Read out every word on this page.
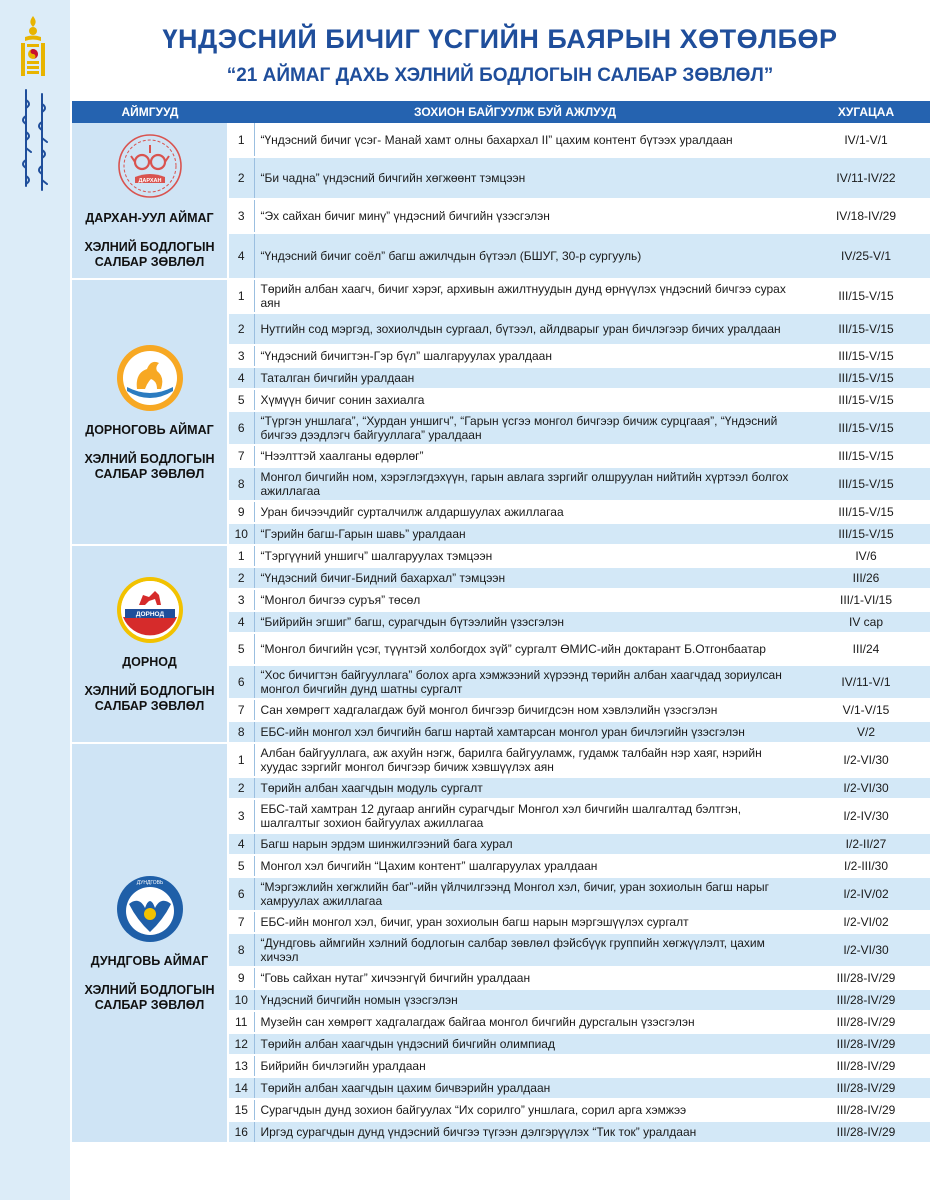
ҮНДЭСНИЙ БИЧИГ ҮСГИЙН БАЯРЫН ХӨТӨЛБӨР
“21 АЙМАГ ДАХЬ ХЭЛНИЙ БОДЛОГЫН САЛБАР ЗӨВЛӨЛ”
АЙМГУУД	ЗОХИОН БАЙГУУЛЖ БУЙ АЖЛУУД		ХУГАЦАА

ДАРХАН
ДАРХАН-УУЛ АЙМАГ
ХЭЛНИЙ БОДЛОГЫН САЛБАР ЗӨВЛӨЛ	1	“Үндэсний бичиг үсэг- Манай хамт олны бахархал II” цахим контент бүтээх уралдаан	IV/1-V/1
	2	“Би чадна” үндэсний бичгийн хөгжөөнт тэмцээн	IV/11-IV/22
	3	“Эх сайхан бичиг минү” үндэсний бичгийн үзэсгэлэн	IV/18-IV/29
	4	“Үндэсний бичиг соёл” багш ажилчдын бүтээл (БШУГ, 30-р сургууль)	IV/25-V/1

ДОРНОГОВЬ АЙМАГ
ХЭЛНИЙ БОДЛОГЫН САЛБАР ЗӨВЛӨЛ	1	Төрийн албан хаагч, бичиг хэрэг, архивын ажилтнуудын дунд өрнүүлэх үндэсний бичгээ сурах аян	III/15-V/15
	2	Нутгийн сод мэргэд, зохиолчдын сургаал, бүтээл, айлдварыг уран бичлэгээр бичих уралдаан	III/15-V/15
	3	“Үндэсний бичигтэн-Гэр бүл” шалгаруулах уралдаан	III/15-V/15
	4	Таталган бичгийн уралдаан	III/15-V/15
	5	Хүмүүн бичиг сонин захиалга	III/15-V/15
	6	“Түргэн уншлага”, “Хурдан уншигч”, “Гарын үсгээ монгол бичгээр бичиж сурцгаая”, “Үндэсний бичгээ дээдлэгч байгууллага” уралдаан	III/15-V/15
	7	“Нээлттэй хаалганы өдөрлөг”	III/15-V/15
	8	Монгол бичгийн ном, хэрэглэгдэхүүн, гарын авлага зэргийг олшруулан нийтийн хүртээл болгох ажиллагаа	III/15-V/15
	9	Уран бичээчдийг сурталчилж алдаршуулах ажиллагаа	III/15-V/15
	10	“Гэрийн багш-Гарын шавь” уралдаан	III/15-V/15

ДОРНОД
ДОРНОД
ХЭЛНИЙ БОДЛОГЫН САЛБАР ЗӨВЛӨЛ	1	“Тэргүүний уншигч” шалгаруулах тэмцээн	IV/6
	2	“Үндэсний бичиг-Бидний бахархал” тэмцээн	III/26
	3	“Монгол бичгээ суръя” төсөл	III/1-VI/15
	4	“Бийрийн эгшиг” багш, сурагчдын бүтээлийн үзэсгэлэн	IV сар
	5	“Монгол бичгийн үсэг, түүнтэй холбогдох зүй” сургалт ӨМИС-ийн доктарант Б.Отгонбаатар	III/24
	6	“Хос бичигтэн байгууллага” болох арга хэмжээний хүрээнд төрийн албан хаагчдад зориулсан монгол бичгийн дунд шатны сургалт	IV/11-V/1
	7	Сан хөмрөгт хадгалагдаж буй монгол бичгээр бичигдсэн ном хэвлэлийн үзэсгэлэн	V/1-V/15
	8	ЕБС-ийн монгол хэл бичгийн багш нартай хамтарсан монгол уран бичлэгийн үзэсгэлэн	V/2

ДУНДГОВЬ
ДУНДГОВЬ АЙМАГ
ХЭЛНИЙ БОДЛОГЫН САЛБАР ЗӨВЛӨЛ	1	Албан байгууллага, аж ахуйн нэгж, барилга байгууламж, гудамж талбайн нэр хаяг, нэрийн хуудас зэргийг монгол бичгээр бичиж хэвшүүлэх аян	I/2-VI/30
	2	Төрийн албан хаагчдын модуль сургалт	I/2-VI/30
	3	ЕБС-тай хамтран 12 дугаар ангийн сурагчдыг Монгол хэл бичгийн шалгалтад бэлтгэн, шалгалтыг зохион байгуулах ажиллагаа	I/2-IV/30
	4	Багш нарын эрдэм шинжилгээний бага хурал	I/2-II/27
	5	Монгол хэл бичгийн “Цахим контент” шалгаруулах уралдаан	I/2-III/30
	6	“Мэргэжлийн хөгжлийн баг”-ийн үйлчилгээнд Монгол хэл, бичиг, уран зохиолын багш нарыг хамруулах ажиллагаа	I/2-IV/02
	7	ЕБС-ийн монгол хэл, бичиг, уран зохиолын багш нарын мэргэшүүлэх сургалт	I/2-VI/02
	8	“Дундговь аймгийн хэлний бодлогын салбар зөвлөл фэйсбүүк группийн хөгжүүлэлт, цахим хичээл	I/2-VI/30
	9	“Говь сайхан нутаг” хичээнгүй бичгийн уралдаан	III/28-IV/29
	10	Үндэсний бичгийн номын үзэсгэлэн	III/28-IV/29
	11	Музейн сан хөмрөгт хадгалагдаж байгаа монгол бичгийн дурсгалын үзэсгэлэн	III/28-IV/29
	12	Төрийн албан хаагчдын үндэсний бичгийн олимпиад	III/28-IV/29
	13	Бийрийн бичлэгийн уралдаан	III/28-IV/29
	14	Төрийн албан хаагчдын цахим бичвэрийн уралдаан	III/28-IV/29
	15	Сурагчдын дунд зохион байгуулах “Их сорилго” уншлага, сорил арга хэмжээ	III/28-IV/29
	16	Иргэд сурагчдын дунд үндэсний бичгээ түгээн дэлгэрүүлэх “Тик ток” уралдаан	III/28-IV/29
